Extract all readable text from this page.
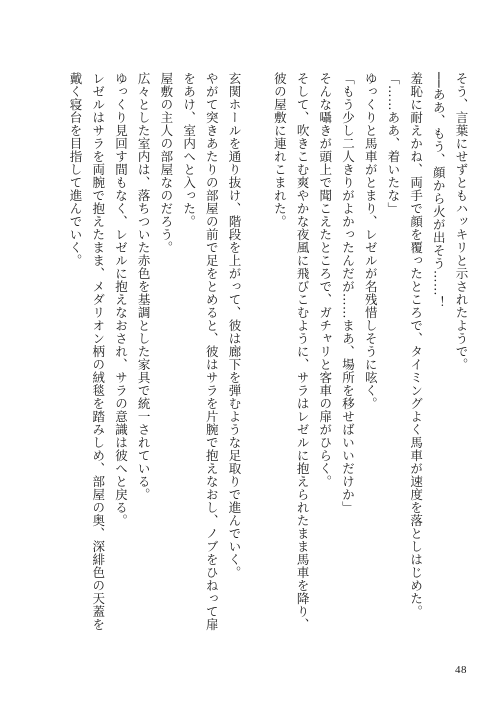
そう、言葉にせずともハッキリと示されたようで。

──ああ、もう、顔から火が出そう……！

羞恥に耐えかね、両手で顔を覆ったところで、タイミングよく馬車が速度を落としはじめた。

「……ああ、着いたな」

ゆっくりと馬車がとまり、レゼルが名残惜しそうに呟く。

「もう少し二人きりがよかったんだが……まあ、場所を移せばいいだけか」

そんな囁きが頭上で聞こえたところで、ガチャリと客車の扉がひらく。

そして、吹きこむ爽やかな夜風に飛びこむように、サラはレゼルに抱えられたまま馬車を降り、

彼の屋敷に連れこまれた。

玄関ホールを通り抜け、階段を上がって、彼は廊下を弾むような足取りで進んでいく。

やがて突きあたりの部屋の前で足をとめると、彼はサラを片腕で抱えなおし、ノブをひねって扉

をあけ、室内へと入った。

屋敷の主人の部屋なのだろう。

広々とした室内は、落ちついた赤色を基調とした家具で統一されている。

ゆっくり見回す間もなく、レゼルに抱えなおされ、サラの意識は彼へと戻る。

レゼルはサラを両腕で抱えたまま、メダリオン柄の絨毯を踏みしめ、部屋の奥、深緋色の天蓋を

戴く寝台を目指して進んでいく。

48
